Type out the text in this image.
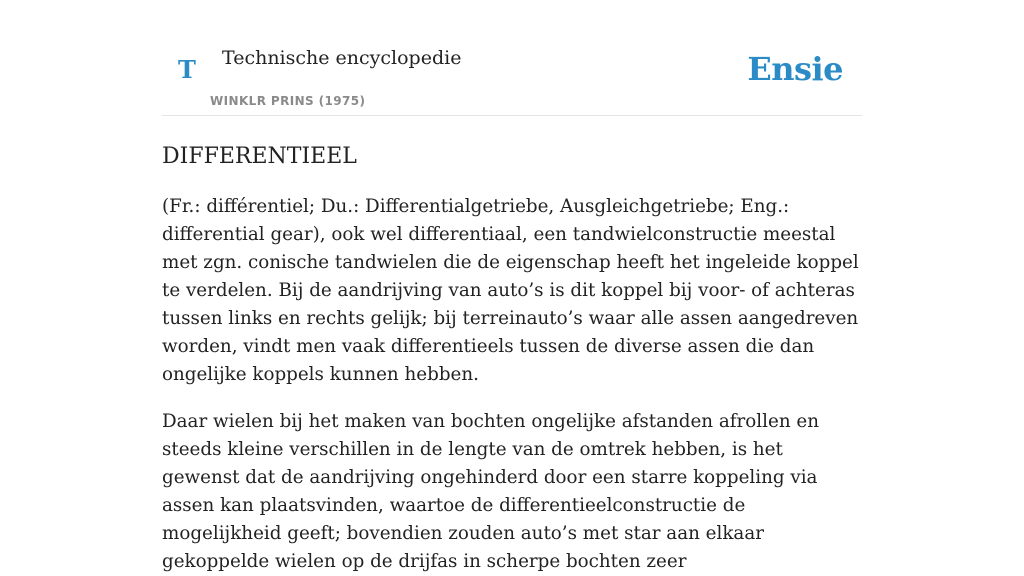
T Technische encyclopedie
WINKLR PRINS (1975)
Ensie
DIFFERENTIEEL

(Fr.: différentiel; Du.: Differentialgetriebe, Ausgleichgetriebe; Eng.: differential gear), ook wel differentiaal, een tandwielconstructie meestal met zgn. conische tandwielen die de eigenschap heeft het ingeleide koppel te verdelen. Bij de aandrijving van auto’s is dit koppel bij voor- of achteras tussen links en rechts gelijk; bij terreinauto’s waar alle assen aangedreven worden, vindt men vaak differentieels tussen de diverse assen die dan ongelijke koppels kunnen hebben.

Daar wielen bij het maken van bochten ongelijke afstanden afrollen en steeds kleine verschillen in de lengte van de omtrek hebben, is het gewenst dat de aandrijving ongehinderd door een starre koppeling via assen kan plaatsvinden, waartoe de differentieelconstructie de mogelijkheid geeft; bovendien zouden auto’s met star aan elkaar gekoppelde wielen op de drijfas in scherpe bochten zeer
